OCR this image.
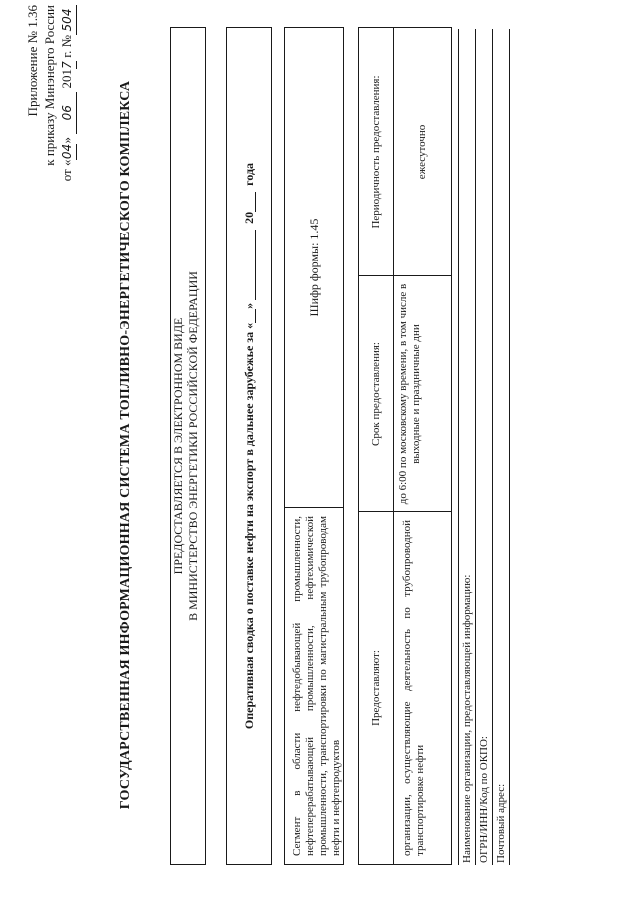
Приложение № 1.36 к приказу Минэнерго России
от «04» 06 2017 г. №504
ГОСУДАРСТВЕННАЯ ИНФОРМАЦИОННАЯ СИСТЕМА ТОПЛИВНО-ЭНЕРГЕТИЧЕСКОГО КОМПЛЕКСА	ПРЕДОСТАВЛЯЕТСЯ В ЭЛЕКТРОННОМ ВИДЕ В МИНИСТЕРСТВО ЭНЕРГЕТИКИ РОССИЙСКОЙ ФЕДЕРАЦИИ	Оперативная сводка о поставке нефти на экспорт в дальнее зарубежье за «
»
20
года
Сегмент в области нефтедобывающей промышленности, нефтеперерабатывающей промышленности, нефтехимической промышленности, транспортировки по магистральным трубопроводам нефти и нефтепродуктов
Шифр формы: 1.45
Предоставляют:
Срок предоставления:
Периодичность предоставления:
организации, осуществляющие деятельность по трубопроводной транспортировке нефти
до 6:00 по московскому времени, в том числе в выходные и праздничные дни
ежесуточно
Наименование организации, предоставляющей информацию: ОГРН/ИНН/Код по ОКПО: Почтовый адрес:
